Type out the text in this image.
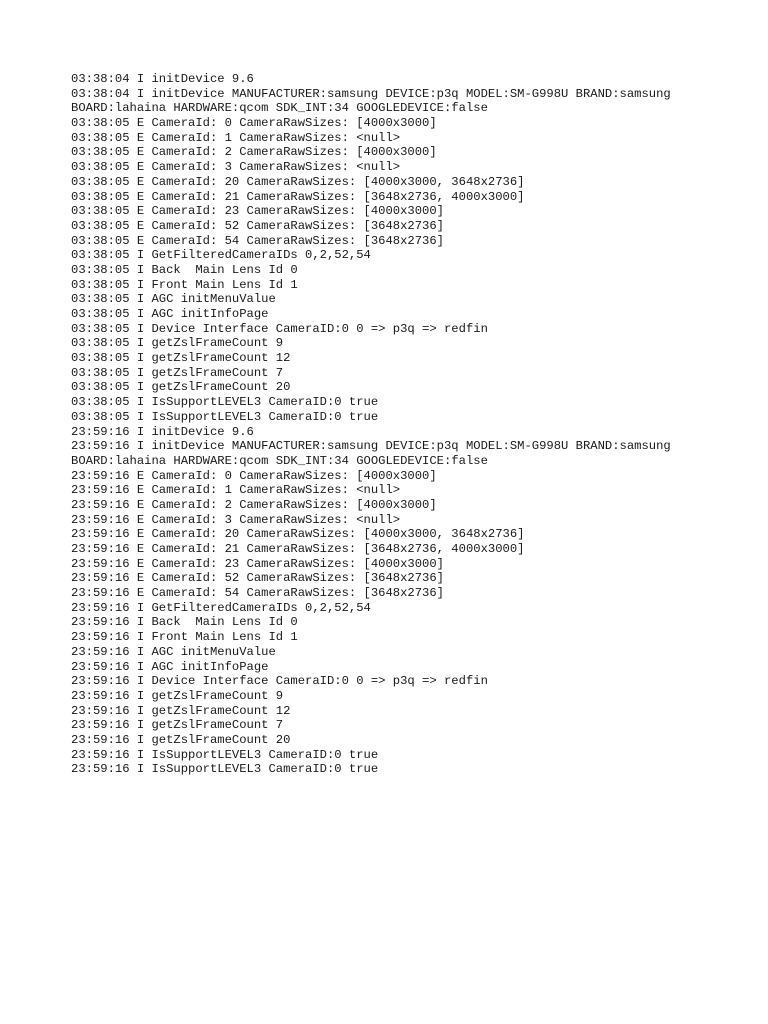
03:38:04 I initDevice 9.6
03:38:04 I initDevice MANUFACTURER:samsung DEVICE:p3q MODEL:SM-G998U BRAND:samsung
BOARD:lahaina HARDWARE:qcom SDK_INT:34 GOOGLEDEVICE:false
03:38:05 E CameraId: 0 CameraRawSizes: [4000x3000]
03:38:05 E CameraId: 1 CameraRawSizes: <null>
03:38:05 E CameraId: 2 CameraRawSizes: [4000x3000]
03:38:05 E CameraId: 3 CameraRawSizes: <null>
03:38:05 E CameraId: 20 CameraRawSizes: [4000x3000, 3648x2736]
03:38:05 E CameraId: 21 CameraRawSizes: [3648x2736, 4000x3000]
03:38:05 E CameraId: 23 CameraRawSizes: [4000x3000]
03:38:05 E CameraId: 52 CameraRawSizes: [3648x2736]
03:38:05 E CameraId: 54 CameraRawSizes: [3648x2736]
03:38:05 I GetFilteredCameraIDs 0,2,52,54
03:38:05 I Back  Main Lens Id 0
03:38:05 I Front Main Lens Id 1
03:38:05 I AGC initMenuValue
03:38:05 I AGC initInfoPage
03:38:05 I Device Interface CameraID:0 0 => p3q => redfin
03:38:05 I getZslFrameCount 9
03:38:05 I getZslFrameCount 12
03:38:05 I getZslFrameCount 7
03:38:05 I getZslFrameCount 20
03:38:05 I IsSupportLEVEL3 CameraID:0 true
03:38:05 I IsSupportLEVEL3 CameraID:0 true
23:59:16 I initDevice 9.6
23:59:16 I initDevice MANUFACTURER:samsung DEVICE:p3q MODEL:SM-G998U BRAND:samsung
BOARD:lahaina HARDWARE:qcom SDK_INT:34 GOOGLEDEVICE:false
23:59:16 E CameraId: 0 CameraRawSizes: [4000x3000]
23:59:16 E CameraId: 1 CameraRawSizes: <null>
23:59:16 E CameraId: 2 CameraRawSizes: [4000x3000]
23:59:16 E CameraId: 3 CameraRawSizes: <null>
23:59:16 E CameraId: 20 CameraRawSizes: [4000x3000, 3648x2736]
23:59:16 E CameraId: 21 CameraRawSizes: [3648x2736, 4000x3000]
23:59:16 E CameraId: 23 CameraRawSizes: [4000x3000]
23:59:16 E CameraId: 52 CameraRawSizes: [3648x2736]
23:59:16 E CameraId: 54 CameraRawSizes: [3648x2736]
23:59:16 I GetFilteredCameraIDs 0,2,52,54
23:59:16 I Back  Main Lens Id 0
23:59:16 I Front Main Lens Id 1
23:59:16 I AGC initMenuValue
23:59:16 I AGC initInfoPage
23:59:16 I Device Interface CameraID:0 0 => p3q => redfin
23:59:16 I getZslFrameCount 9
23:59:16 I getZslFrameCount 12
23:59:16 I getZslFrameCount 7
23:59:16 I getZslFrameCount 20
23:59:16 I IsSupportLEVEL3 CameraID:0 true
23:59:16 I IsSupportLEVEL3 CameraID:0 true
